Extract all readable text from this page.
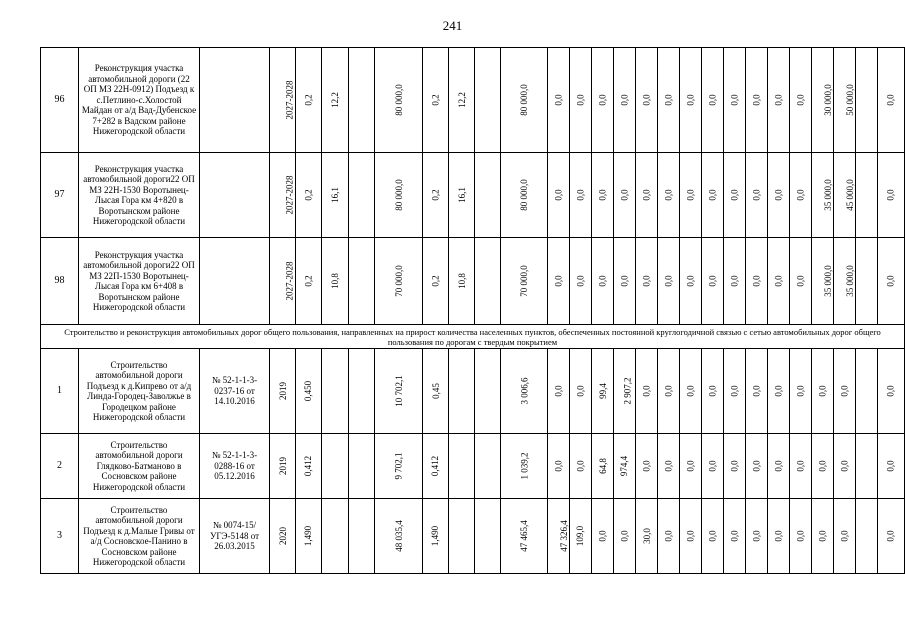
241
96	Реконструкция участка автомобильной дороги (22 ОП МЗ 22Н-0912) Подъезд к с.Петлино-с.Холостой Майдан от а/д Вад-Дубенское 7+282 в Вадском районе Нижегородской области		2027-2028	0,2	12,2		80 000,0	0,2	12,2		80 000,0	0,0	0,0	0,0	0,0	0,0	0,0	0,0	0,0	0,0	0,0	0,0	0,0	30 000,0	50 000,0		0,0
97	Реконструкция участка автомобильной дороги22 ОП МЗ 22Н-1530 Воротынец-Лысая Гора км 4+820 в Воротынском районе Нижегородской области		2027-2028	0,2	16,1		80 000,0	0,2	16,1		80 000,0	0,0	0,0	0,0	0,0	0,0	0,0	0,0	0,0	0,0	0,0	0,0	0,0	35 000,0	45 000,0		0,0
98	Реконструкция участка автомобильной дороги22 ОП МЗ 22П-1530 Воротынец-Лысая Гора км 6+408 в Воротынском районе Нижегородской области		2027-2028	0,2	10,8		70 000,0	0,2	10,8		70 000,0	0,0	0,0	0,0	0,0	0,0	0,0	0,0	0,0	0,0	0,0	0,0	0,0	35 000,0	35 000,0		0,0
Строительство и реконструкция автомобильных дорог общего пользования, направленных на прирост количества населенных пунктов, обеспеченных постоянной круглогодичной связью с сетью автомобильных дорог общего пользования по дорогам с твердым покрытием																											
1	Строительство автомобильной дороги Подъезд к д.Кипрево от а/д Линда-Городец-Заволжье в Городецком районе Нижегородской области	№ 52-1-1-3-0237-16 от 14.10.2016	2019	0,450			10 702,1	0,45			3 006,6	0,0	0,0	99,4	2 907,2	0,0	0,0	0,0	0,0	0,0	0,0	0,0	0,0	0,0	0,0		0,0
2	Строительство автомобильной дороги Глядково-Батманово в Сосновском районе Нижегородской области	№ 52-1-1-3-0288-16 от 05.12.2016	2019	0,412			9 702,1	0,412			1 039,2	0,0	0,0	64,8	974,4	0,0	0,0	0,0	0,0	0,0	0,0	0,0	0,0	0,0	0,0		0,0
3	Строительство автомобильной дороги Подъезд к д.Малые Гривы от а/д Сосновское-Панино в Сосновском районе Нижегородской области	№ 0074-15/УГЭ-5148 от 26.03.2015	2020	1,490			48 035,4	1,490			47 465,4	47 326,4	109,0	0,0	0,0	30,0	0,0	0,0	0,0	0,0	0,0	0,0	0,0	0,0	0,0		0,0
